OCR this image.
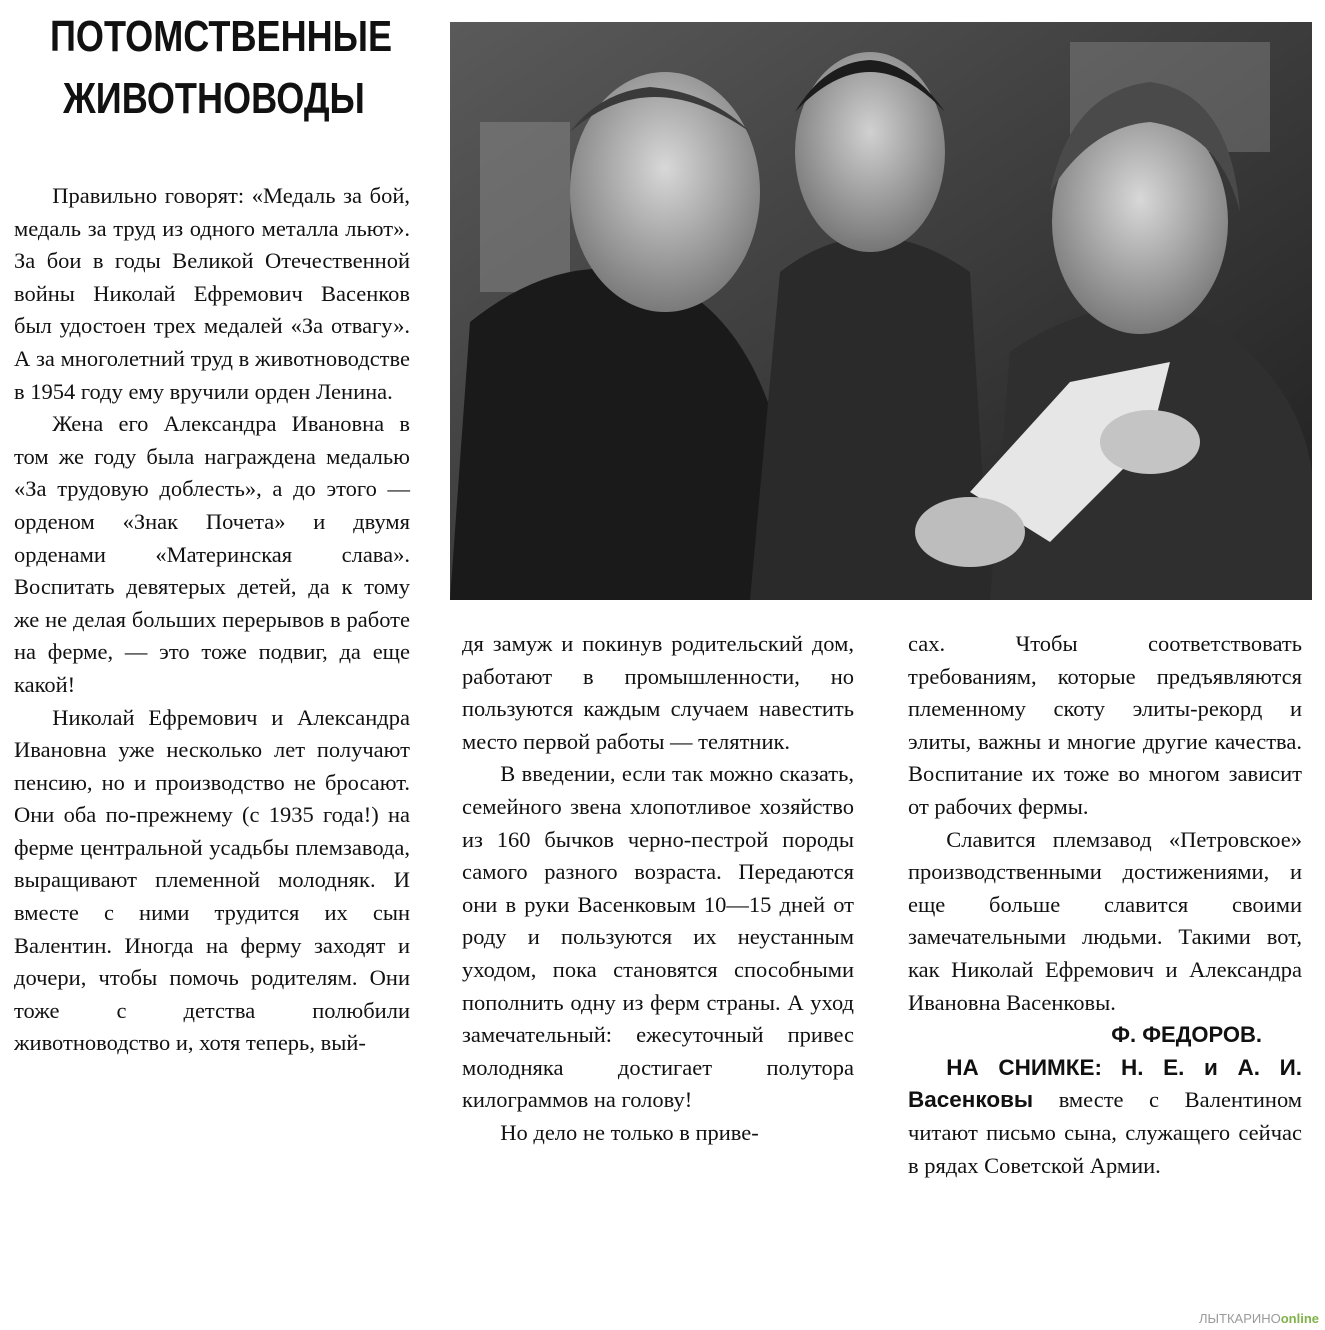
ПОТОМСТВЕННЫЕ
ЖИВОТНОВОДЫ

Правильно говорят: «Медаль за бой, медаль за труд из одного металла льют». За бои в годы Великой Отечественной войны Николай Ефремович Васенков был удостоен трех медалей «За отвагу». А за многолетний труд в животноводстве в 1954 году ему вручили орден Ленина.

Жена его Александра Ивановна в том же году была награждена медалью «За трудовую доблесть», а до этого — орденом «Знак Почета» и двумя орденами «Материнская слава». Воспитать девятерых детей, да к тому же не делая больших перерывов в работе на ферме, — это тоже подвиг, да еще какой!

Николай Ефремович и Александра Ивановна уже несколько лет получают пенсию, но и производство не бросают. Они оба по-прежнему (с 1935 года!) на ферме центральной усадьбы племзавода, выращивают племенной молодняк. И вместе с ними трудится их сын Валентин. Иногда на ферму заходят и дочери, чтобы помочь родителям. Они тоже с детства полюбили животноводство и, хотя теперь, вый-

дя замуж и покинув родительский дом, работают в промышленности, но пользуются каждым случаем навестить место первой работы — телятник.

В введении, если так можно сказать, семейного звена хлопотливое хозяйство из 160 бычков черно-пестрой породы самого разного возраста. Передаются они в руки Васенковым 10—15 дней от роду и пользуются их неустанным уходом, пока становятся способными пополнить одну из ферм страны. А уход замечательный: ежесуточный привес молодняка достигает полутора килограммов на голову!

Но дело не только в приве-

сах. Чтобы соответствовать требованиям, которые предъявляются племенному скоту элиты-рекорд и элиты, важны и многие другие качества. Воспитание их тоже во многом зависит от рабочих фермы.

Славится племзавод «Петровское» производственными достижениями, и еще больше славится своими замечательными людьми. Такими вот, как Николай Ефремович и Александра Ивановна Васенковы.

Ф. ФЕДОРОВ.

НА СНИМКЕ: Н. Е. и А. И. Васенковы вместе с Валентином читают письмо сына, служащего сейчас в рядах Советской Армии.

ЛЫТКАРИНОonline
